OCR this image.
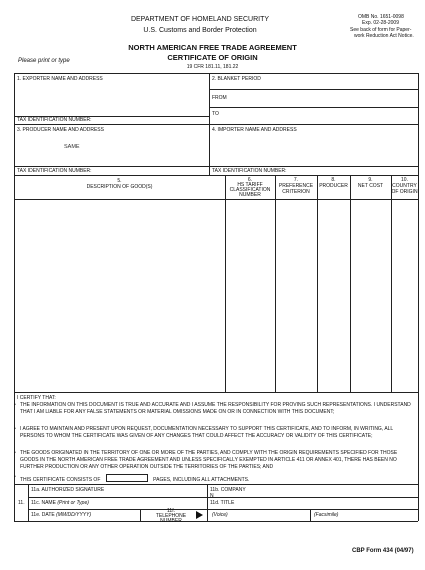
DEPARTMENT OF HOMELAND SECURITY
U.S. Customs and Border Protection
OMB No. 1651-0098
Exp. 02-28-2009
See back of form for Paper-
work Reduction Act Notice.
NORTH AMERICAN FREE TRADE AGREEMENT
CERTIFICATE OF ORIGIN
19 CFR 181.11, 181.22
Please print or type
1. EXPORTER NAME AND ADDRESS	2. BLANKET PERIOD
FROM
TO
TAX IDENTIFICATION NUMBER:
3. PRODUCER NAME AND ADDRESS
SAME
4. IMPORTER NAME AND ADDRESS
TAX IDENTIFICATION NUMBER:	TAX IDENTIFICATION NUMBER:
5.
DESCRIPTION OF GOOD(S)
6.
HS TARIFF
CLASSIFICATION
NUMBER
7.
PREFERENCE
CRITERION
8.
PRODUCER
9.
NET COST
10.
COUNTRY
OF ORIGIN
I CERTIFY THAT:
• THE INFORMATION ON THIS DOCUMENT IS TRUE AND ACCURATE AND I ASSUME THE RESPONSIBILITY FOR PROVING SUCH REPRESENTATIONS. I UNDERSTAND THAT I AM LIABLE FOR ANY FALSE STATEMENTS OR MATERIAL OMISSIONS MADE ON OR IN CONNECTION WITH THIS DOCUMENT;
• I AGREE TO MAINTAIN AND PRESENT UPON REQUEST, DOCUMENTATION NECESSARY TO SUPPORT THIS CERTIFICATE, AND TO INFORM, IN WRITING, ALL PERSONS TO WHOM THE CERTIFICATE WAS GIVEN OF ANY CHANGES THAT COULD AFFECT THE ACCURACY OR VALIDITY OF THIS CERTIFICATE;
• THE GOODS ORIGINATED IN THE TERRITORY OF ONE OR MORE OF THE PARTIES, AND COMPLY WITH THE ORIGIN REQUIREMENTS SPECIFIED FOR THOSE GOODS IN THE NORTH AMERICAN FREE TRADE AGREEMENT AND UNLESS SPECIFICALLY EXEMPTED IN ARTICLE 411 OR ANNEX 401, THERE HAS BEEN NO FURTHER PRODUCTION OR ANY OTHER OPERATION OUTSIDE THE TERRITORIES OF THE PARTIES; AND
• THIS CERTIFICATE CONSISTS OF	PAGES, INCLUDING ALL ATTACHMENTS.
11.
11a. AUTHORIZED SIGNATURE	11b. COMPANY
N
11c. NAME (Print or Type)	11d. TITLE
11e. DATE (MM/DD/YYYY)
11f.
TELEPHONE
NUMBER
(Voice)	(Facsimile)
CBP Form 434 (04/97)
